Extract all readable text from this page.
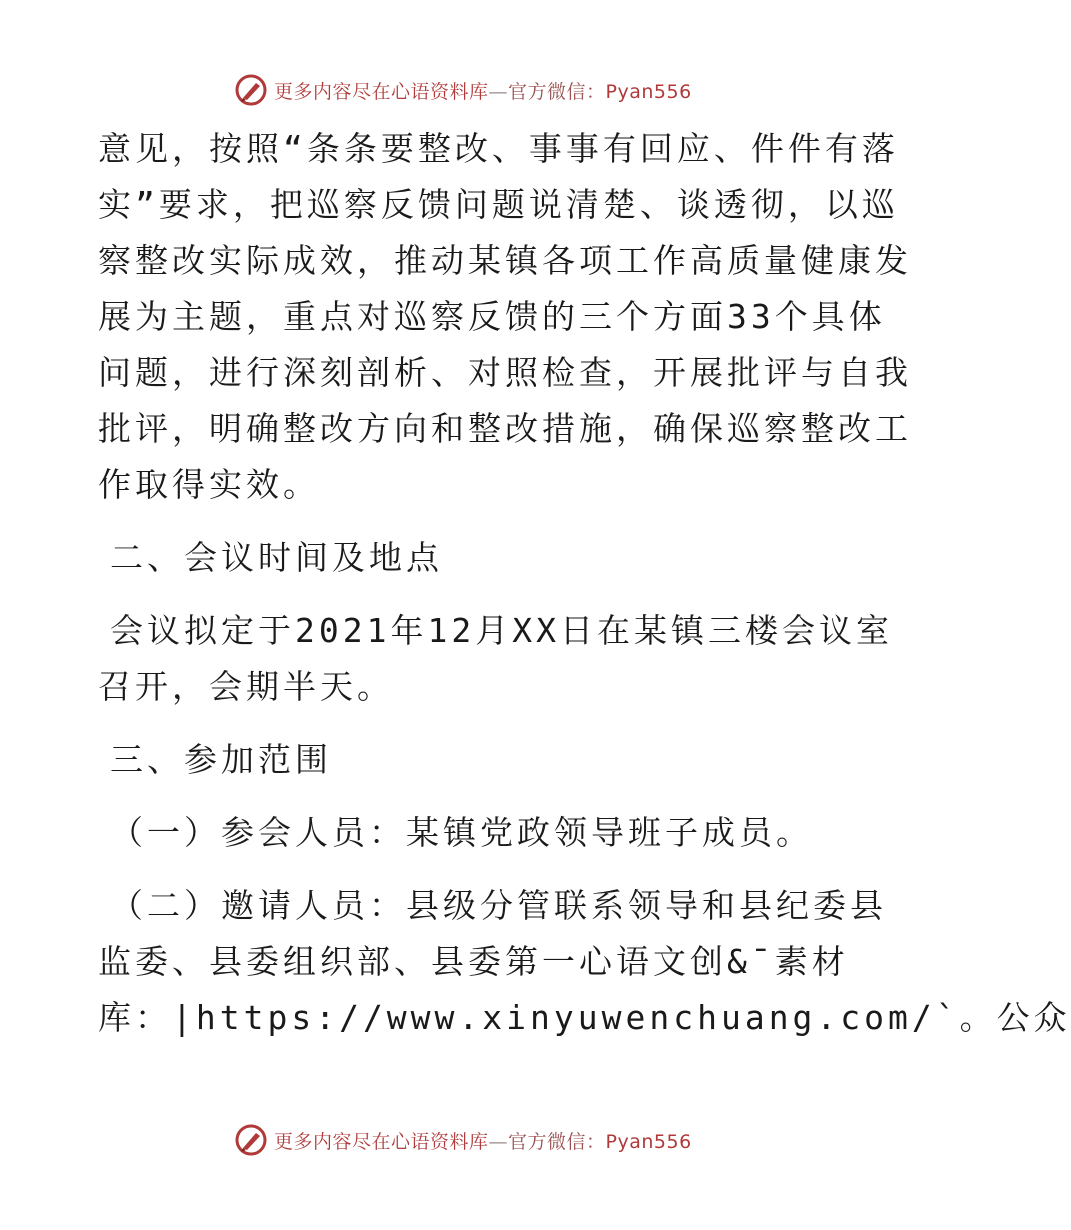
更多内容尽在心语资料库—官方微信：Pyan556
意见，按照“条条要整改、事事有回应、件件有落
实”要求，把巡察反馈问题说清楚、谈透彻，以巡
察整改实际成效，推动某镇各项工作高质量健康发
展为主题，重点对巡察反馈的三个方面33个具体
问题，进行深刻剖析、对照检查，开展批评与自我
批评，明确整改方向和整改措施，确保巡察整改工
作取得实效。
二、会议时间及地点
会议拟定于2021年12月XX日在某镇三楼会议室
召开，会期半天。
三、参加范围
（一）参会人员：某镇党政领导班子成员。
（二）邀请人员：县级分管联系领导和县纪委县
监委、县委组织部、县委第一心语文创&¯素材
库：|https://www.xinyuwenchuang.com/`。公众
更多内容尽在心语资料库—官方微信：Pyan556
